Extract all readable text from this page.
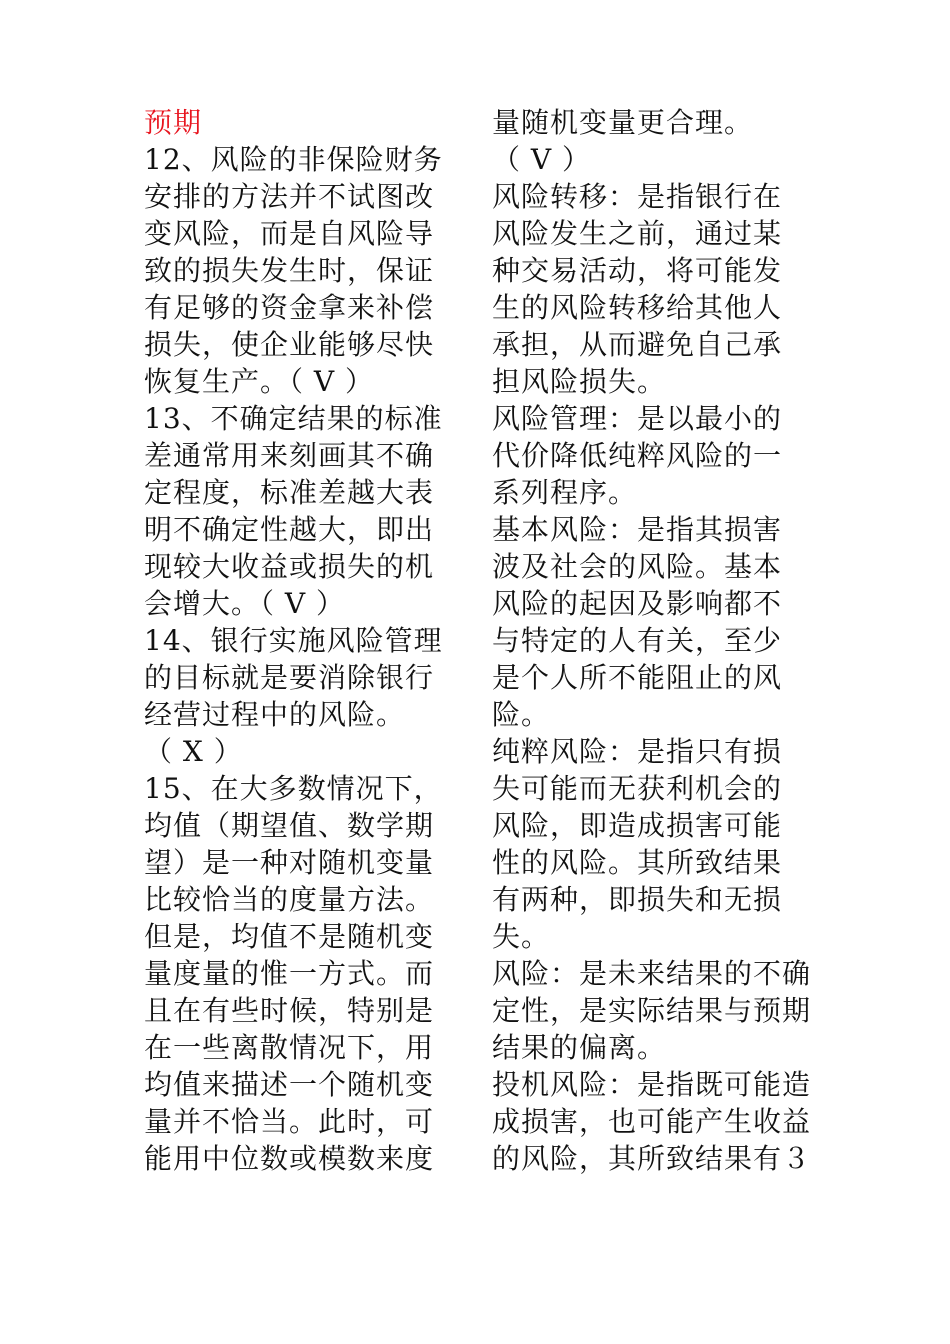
预期
12、风险的非保险财务
安排的方法并不试图改
变风险，而是自风险导
致的损失发生时，保证
有足够的资金拿来补偿
损失，使企业能够尽快
恢复生产。（ V ）
13、不确定结果的标准
差通常用来刻画其不确
定程度，标准差越大表
明不确定性越大，即出
现较大收益或损失的机
会增大。（ V ）
14、银行实施风险管理
的目标就是要消除银行
经营过程中的风险。
（ X ）
15、在大多数情况下，
均值（期望值、数学期
望）是一种对随机变量
比较恰当的度量方法。
但是，均值不是随机变
量度量的惟一方式。而
且在有些时候，特别是
在一些离散情况下，用
均值来描述一个随机变
量并不恰当。此时，可
能用中位数或模数来度
量随机变量更合理。
（ V ）
风险转移：是指银行在
风险发生之前，通过某
种交易活动，将可能发
生的风险转移给其他人
承担，从而避免自己承
担风险损失。
风险管理：是以最小的
代价降低纯粹风险的一
系列程序。
基本风险：是指其损害
波及社会的风险。基本
风险的起因及影响都不
与特定的人有关，至少
是个人所不能阻止的风
险。
纯粹风险：是指只有损
失可能而无获利机会的
风险，即造成损害可能
性的风险。其所致结果
有两种，即损失和无损
失。
风险：是未来结果的不确
定性，是实际结果与预期
结果的偏离。
投机风险：是指既可能造
成损害，也可能产生收益
的风险，其所致结果有３
